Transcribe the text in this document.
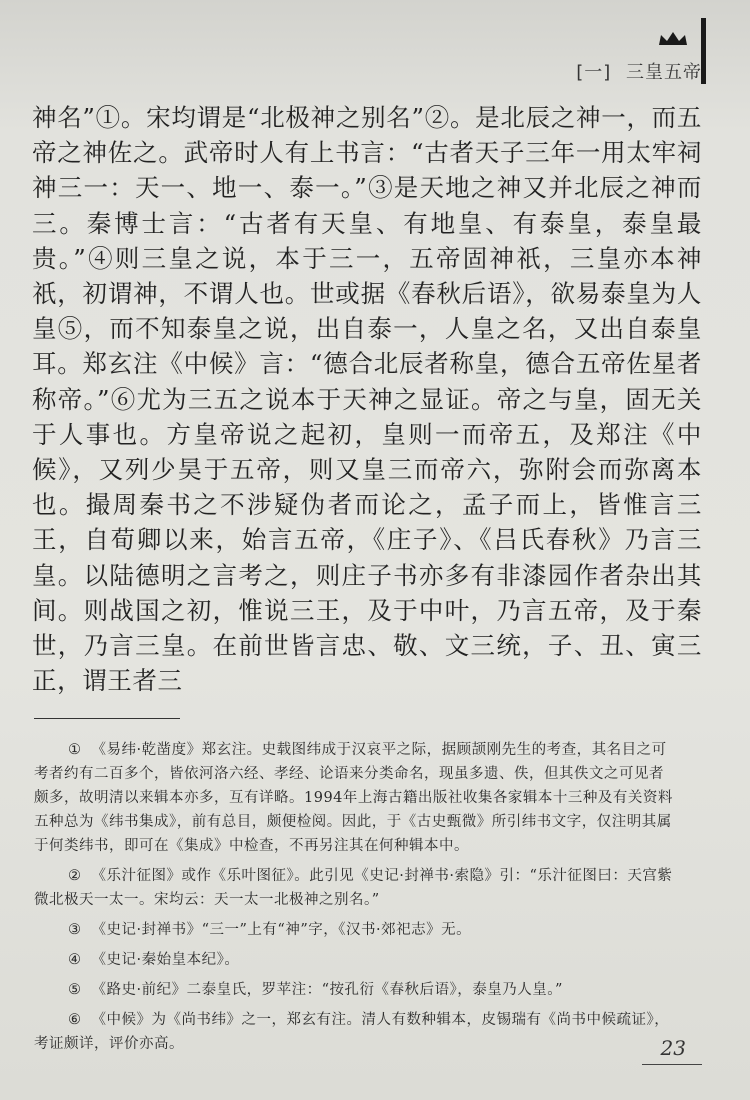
[一] 三皇五帝

神名”①。宋均谓是“北极神之别名”②。是北辰之神一，而五帝之神佐之。武帝时人有上书言：“古者天子三年一用太牢祠神三一：天一、地一、泰一。”③是天地之神又并北辰之神而三。秦博士言：“古者有天皇、有地皇、有泰皇，泰皇最贵。”④则三皇之说，本于三一，五帝固神祇，三皇亦本神祇，初谓神，不谓人也。世或据《春秋后语》，欲易泰皇为人皇⑤，而不知泰皇之说，出自泰一，人皇之名，又出自泰皇耳。郑玄注《中候》言：“德合北辰者称皇，德合五帝佐星者称帝。”⑥尤为三五之说本于天神之显证。帝之与皇，固无关于人事也。方皇帝说之起初，皇则一而帝五，及郑注《中候》，又列少昊于五帝，则又皇三而帝六，弥附会而弥离本也。撮周秦书之不涉疑伪者而论之，孟子而上，皆惟言三王，自荀卿以来，始言五帝，《庄子》、《吕氏春秋》乃言三皇。以陆德明之言考之，则庄子书亦多有非漆园作者杂出其间。则战国之初，惟说三王，及于中叶，乃言五帝，及于秦世，乃言三皇。在前世皆言忠、敬、文三统，子、丑、寅三正，谓王者三

① 《易纬·乾凿度》郑玄注。史载图纬成于汉哀平之际，据顾颉刚先生的考查，其名目之可考者约有二百多个，皆依河洛六经、孝经、论语来分类命名，现虽多遗、佚，但其佚文之可见者颇多，故明清以来辑本亦多，互有详略。1994年上海古籍出版社收集各家辑本十三种及有关资料五种总为《纬书集成》，前有总目，颇便检阅。因此，于《古史甄微》所引纬书文字，仅注明其属于何类纬书，即可在《集成》中检查，不再另注其在何种辑本中。

② 《乐汁征图》或作《乐叶图征》。此引见《史记·封禅书·索隐》引：“乐汁征图曰：天宫紫微北极天一太一。宋均云：天一太一北极神之别名。”

③ 《史记·封禅书》“三一”上有“神”字，《汉书·郊祀志》无。

④ 《史记·秦始皇本纪》。

⑤ 《路史·前纪》二泰皇氏，罗苹注：“按孔衍《春秋后语》，泰皇乃人皇。”

⑥ 《中候》为《尚书纬》之一，郑玄有注。清人有数种辑本，皮锡瑞有《尚书中候疏证》，考证颇详，评价亦高。	23
